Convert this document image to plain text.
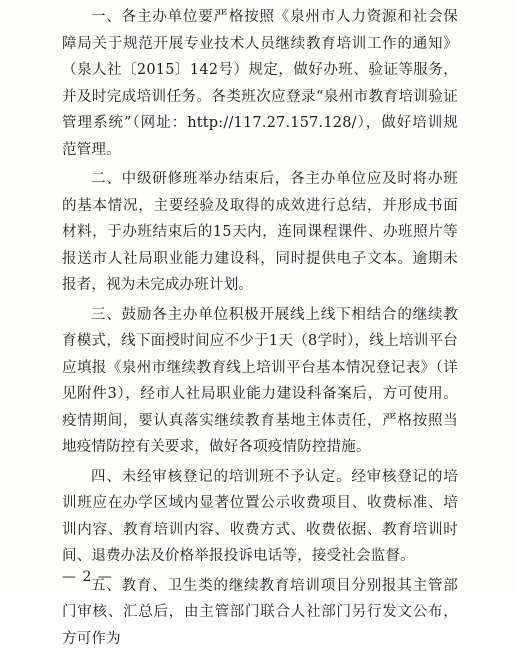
一、各主办单位要严格按照《泉州市人力资源和社会保障局关于规范开展专业技术人员继续教育培训工作的通知》（泉人社〔2015〕142号）规定，做好办班、验证等服务，并及时完成培训任务。各类班次应登录“泉州市教育培训验证管理系统”（网址：http://117.27.157.128/），做好培训规范管理。

二、中级研修班举办结束后，各主办单位应及时将办班的基本情况，主要经验及取得的成效进行总结，并形成书面材料，于办班结束后的15天内，连同课程课件、办班照片等报送市人社局职业能力建设科，同时提供电子文本。逾期未报者，视为未完成办班计划。

三、鼓励各主办单位积极开展线上线下相结合的继续教育模式，线下面授时间应不少于1天（8学时），线上培训平台应填报《泉州市继续教育线上培训平台基本情况登记表》（详见附件3），经市人社局职业能力建设科备案后，方可使用。疫情期间，要认真落实继续教育基地主体责任，严格按照当地疫情防控有关要求，做好各项疫情防控措施。

四、未经审核登记的培训班不予认定。经审核登记的培训班应在办学区域内显著位置公示收费项目、收费标准、培训内容、教育培训内容、收费方式、收费依据、教育培训时间、退费办法及价格举报投诉电话等，接受社会监督。

五、教育、卫生类的继续教育培训项目分别报其主管部门审核、汇总后，由主管部门联合人社部门另行发文公布，方可作为

— 2 —
